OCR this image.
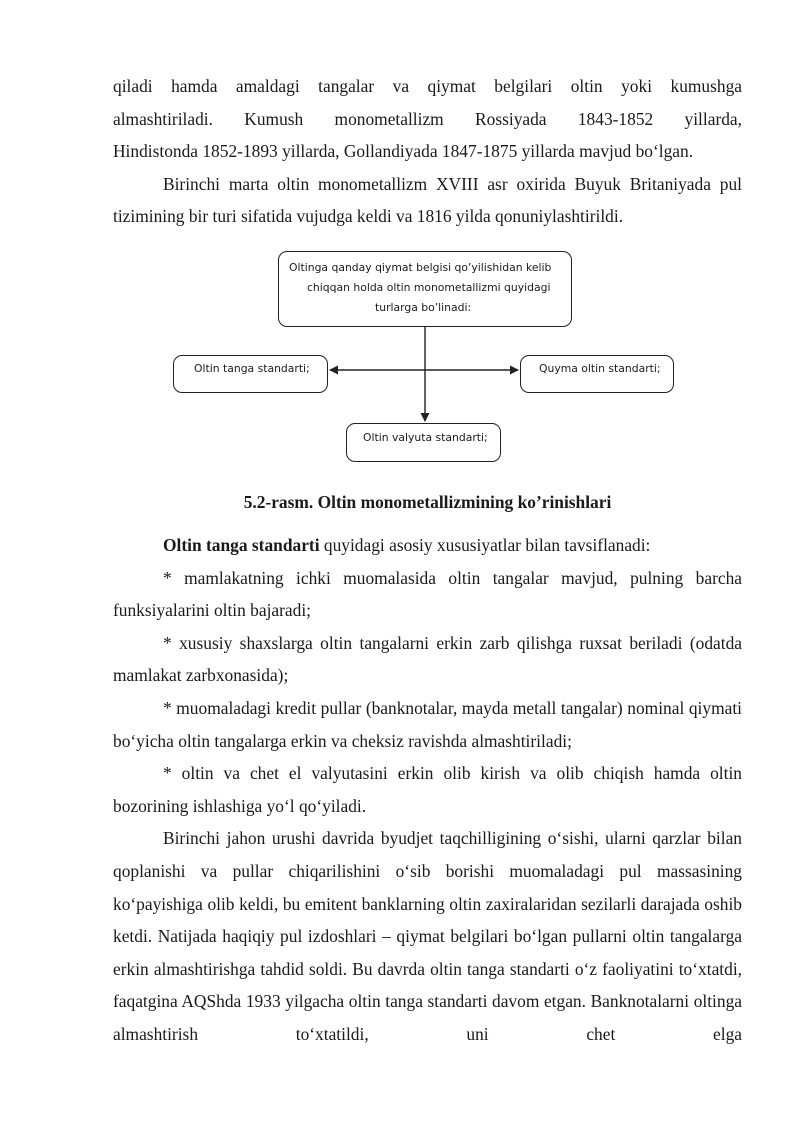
qiladi hamda amaldagi tangalar va qiymat belgilari oltin yoki kumushga

almashtiriladi. Kumush monometallizm Rossiyada 1843-1852 yillarda,

Hindistonda 1852-1893 yillarda, Gollandiyada 1847-1875 yillarda mavjud bo‘lgan.

Birinchi marta oltin monometallizm XVIII asr oxirida Buyuk Britaniyada pul tizimining bir turi sifatida vujudga keldi va 1816 yilda qonuniylashtirildi.

Oltinga qanday qiymat belgisi qo’yilishidan kelib
chiqqan holda oltin monometallizmi quyidagi
turlarga bo’linadi:
Oltin tanga standarti;	Quyma oltin standarti;
Oltin valyuta standarti;
5.2-rasm. Oltin monometallizmining ko’rinishlari

Oltin tanga standarti quyidagi asosiy xususiyatlar bilan tavsiflanadi:

* mamlakatning ichki muomalasida oltin tangalar mavjud, pulning barcha funksiyalarini oltin bajaradi;

* xususiy shaxslarga oltin tangalarni erkin zarb qilishga ruxsat beriladi (odatda mamlakat zarbxonasida);

* muomaladagi kredit pullar (banknotalar, mayda metall tangalar) nominal qiymati bo‘yicha oltin tangalarga erkin va cheksiz ravishda almashtiriladi;

* oltin va chet el valyutasini erkin olib kirish va olib chiqish hamda oltin bozorining ishlashiga yo‘l qo‘yiladi.

Birinchi jahon urushi davrida byudjet taqchilligining o‘sishi, ularni qarzlar bilan qoplanishi va pullar chiqarilishini o‘sib borishi muomaladagi pul massasining ko‘payishiga olib keldi, bu emitent banklarning oltin zaxiralaridan sezilarli darajada oshib ketdi. Natijada haqiqiy pul izdoshlari – qiymat belgilari bo‘lgan pullarni oltin tangalarga erkin almashtirishga tahdid soldi. Bu davrda oltin tanga standarti o‘z faoliyatini to‘xtatdi, faqatgina AQShda 1933 yilgacha oltin tanga standarti davom etgan. Banknotalarni oltinga almashtirish to‘xtatildi, uni chet elga
